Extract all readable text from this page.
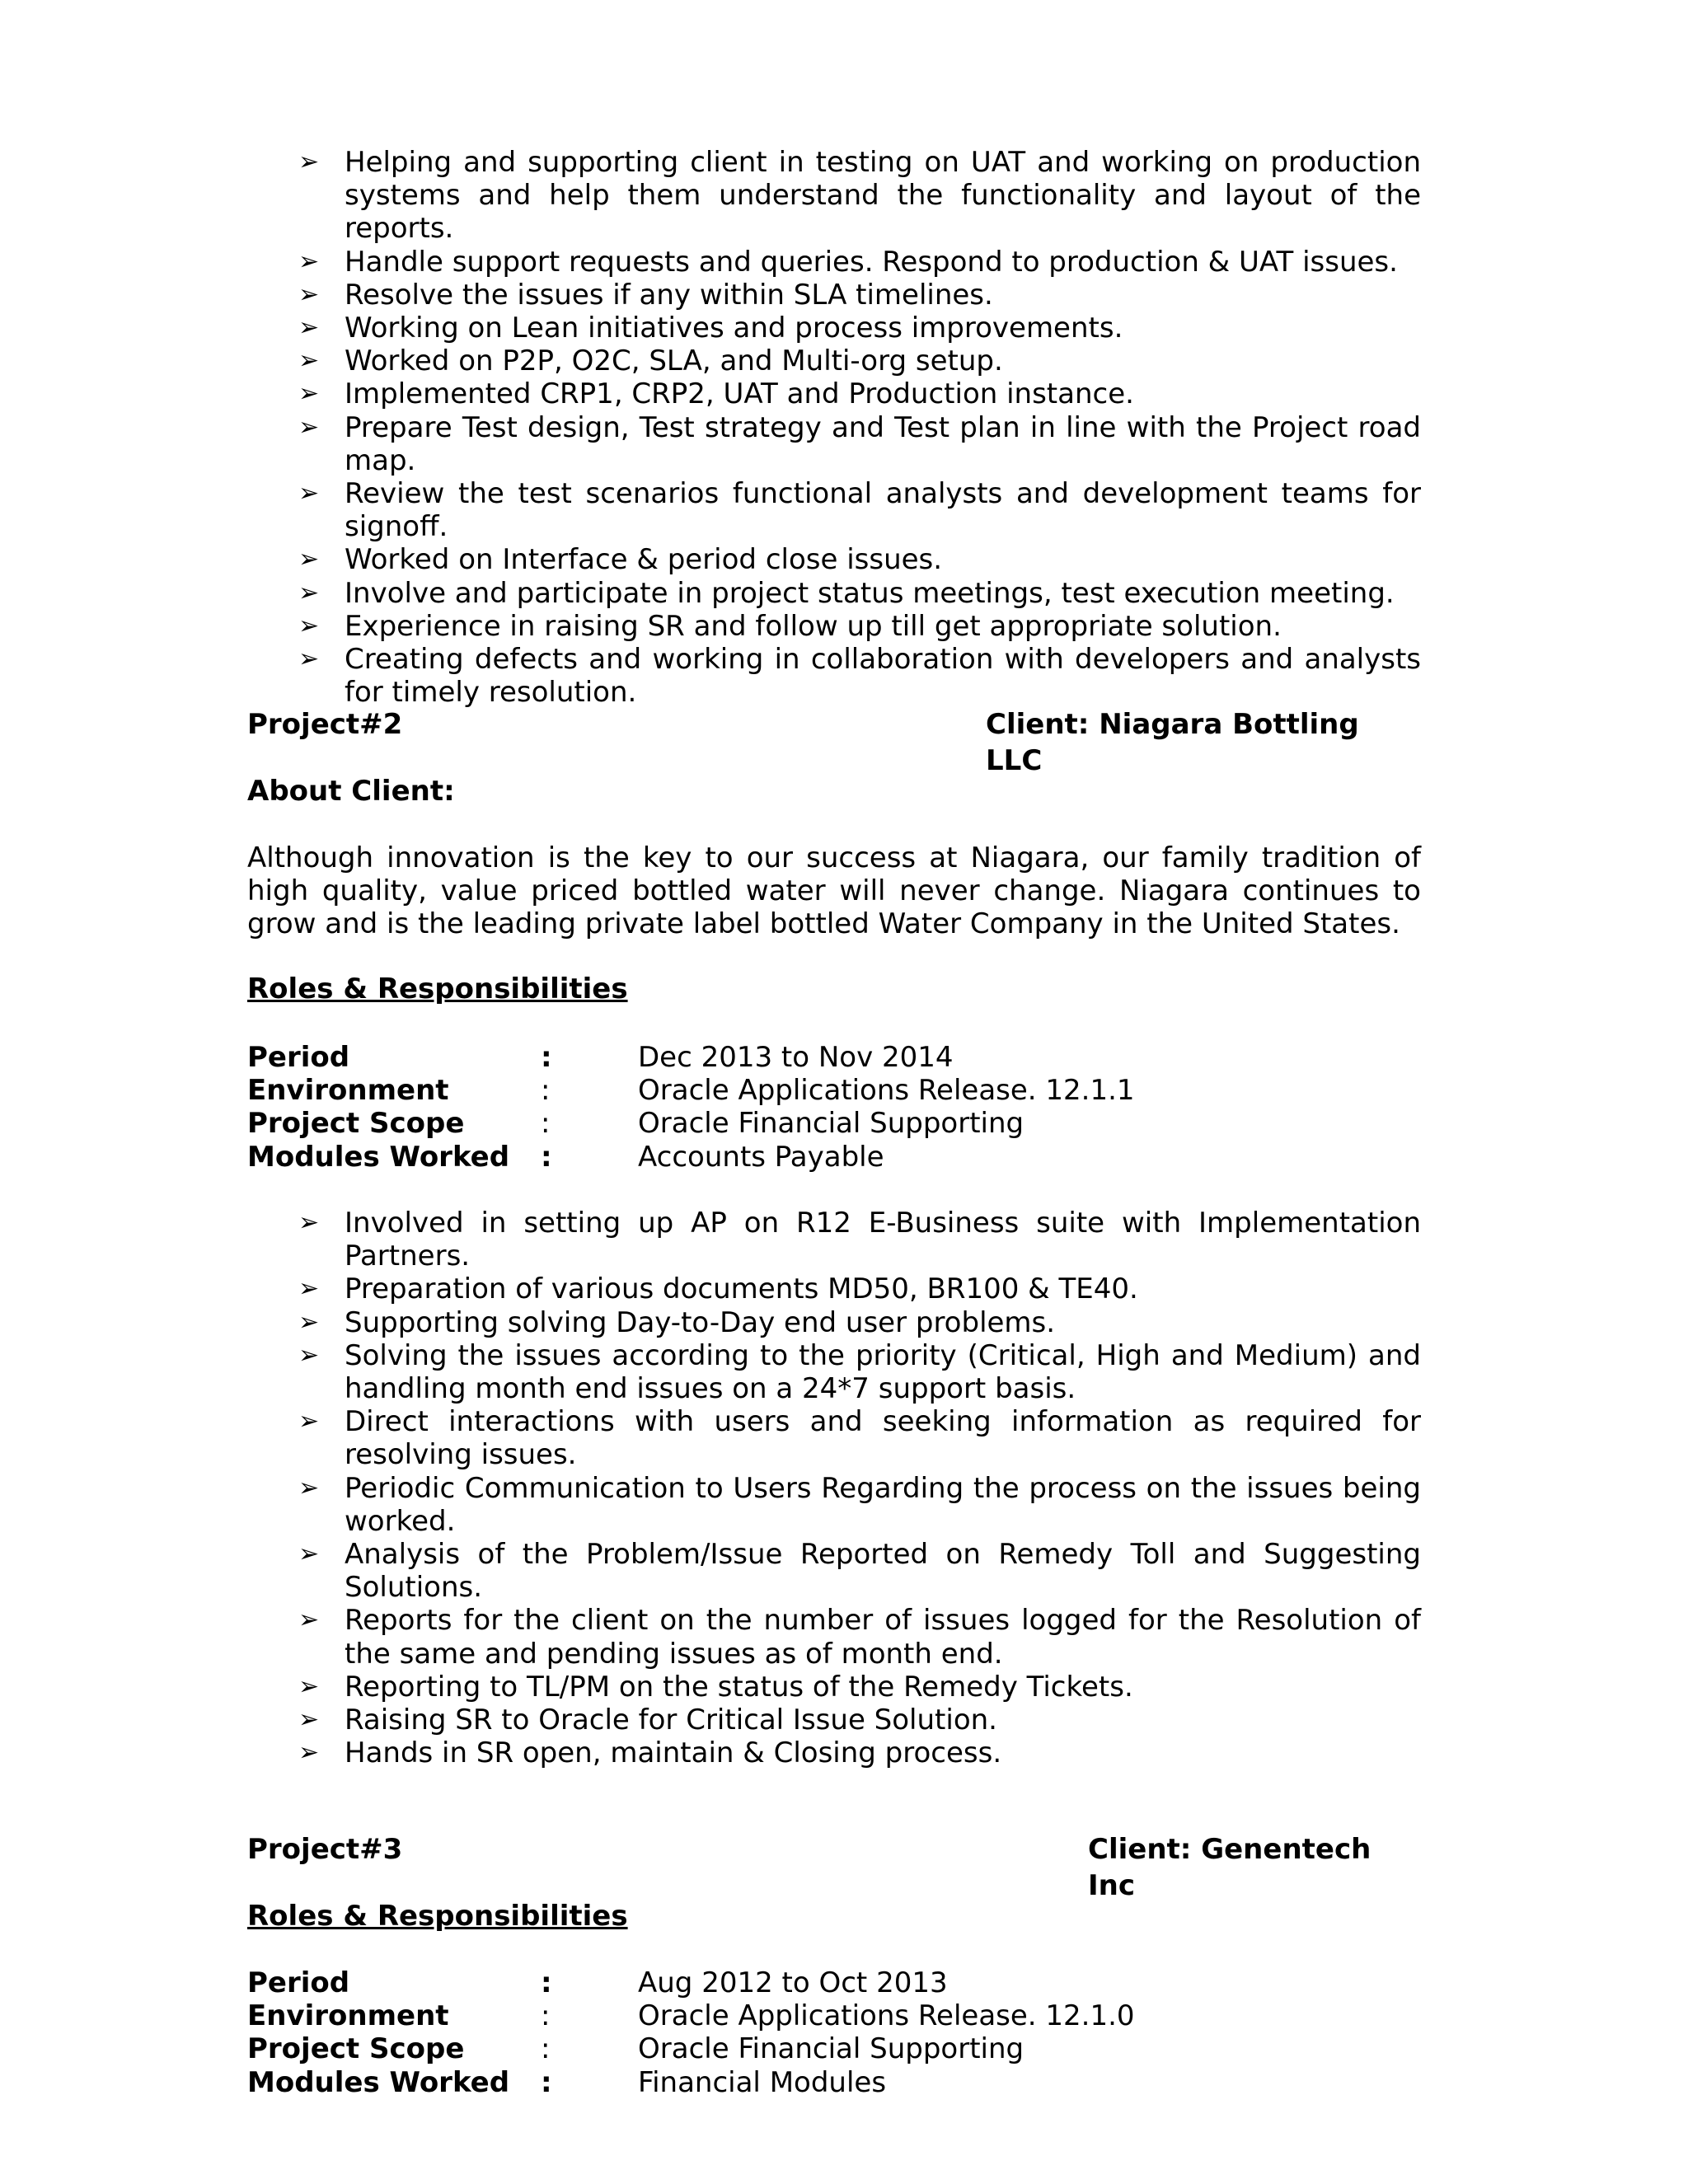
➢ Helping and supporting client in testing on UAT and working on production systems and help them understand the functionality and layout of the reports.
➢ Handle support requests and queries. Respond to production & UAT issues.
➢ Resolve the issues if any within SLA timelines.
➢ Working on Lean initiatives and process improvements.
➢ Worked on P2P, O2C, SLA, and Multi-org setup.
➢ Implemented CRP1, CRP2, UAT and Production instance.
➢ Prepare Test design, Test strategy and Test plan in line with the Project road map.
➢ Review the test scenarios functional analysts and development teams for signoff.
➢ Worked on Interface & period close issues.
➢ Involve and participate in project status meetings, test execution meeting.
➢ Experience in raising SR and follow up till get appropriate solution.
➢ Creating defects and working in collaboration with developers and analysts for timely resolution.
Project#2	Client: Niagara Bottling LLC
About Client:

Although innovation is the key to our success at Niagara, our family tradition of high quality, value priced bottled water will never change. Niagara continues to grow and is the leading private label bottled Water Company in the United States.

Roles & Responsibilities
Period	:	Dec 2013 to Nov 2014
Environment	:	Oracle Applications Release. 12.1.1
Project Scope	:	Oracle Financial Supporting
Modules Worked :	Accounts Payable
➢ Involved in setting up AP on R12 E-Business suite with Implementation Partners.
➢ Preparation of various documents MD50, BR100 & TE40.
➢ Supporting solving Day-to-Day end user problems.
➢ Solving the issues according to the priority (Critical, High and Medium) and handling month end issues on a 24*7 support basis.
➢ Direct interactions with users and seeking information as required for resolving issues.
➢ Periodic Communication to Users Regarding the process on the issues being worked.
➢ Analysis of the Problem/Issue Reported on Remedy Toll and Suggesting Solutions.
➢ Reports for the client on the number of issues logged for the Resolution of the same and pending issues as of month end.
➢ Reporting to TL/PM on the status of the Remedy Tickets.
➢ Raising SR to Oracle for Critical Issue Solution.
➢ Hands in SR open, maintain & Closing process.
Project#3	Client: Genentech Inc
Roles & Responsibilities
Period	:	Aug 2012 to Oct 2013
Environment	:	Oracle Applications Release. 12.1.0
Project Scope	:	Oracle Financial Supporting
Modules Worked :	Financial Modules
